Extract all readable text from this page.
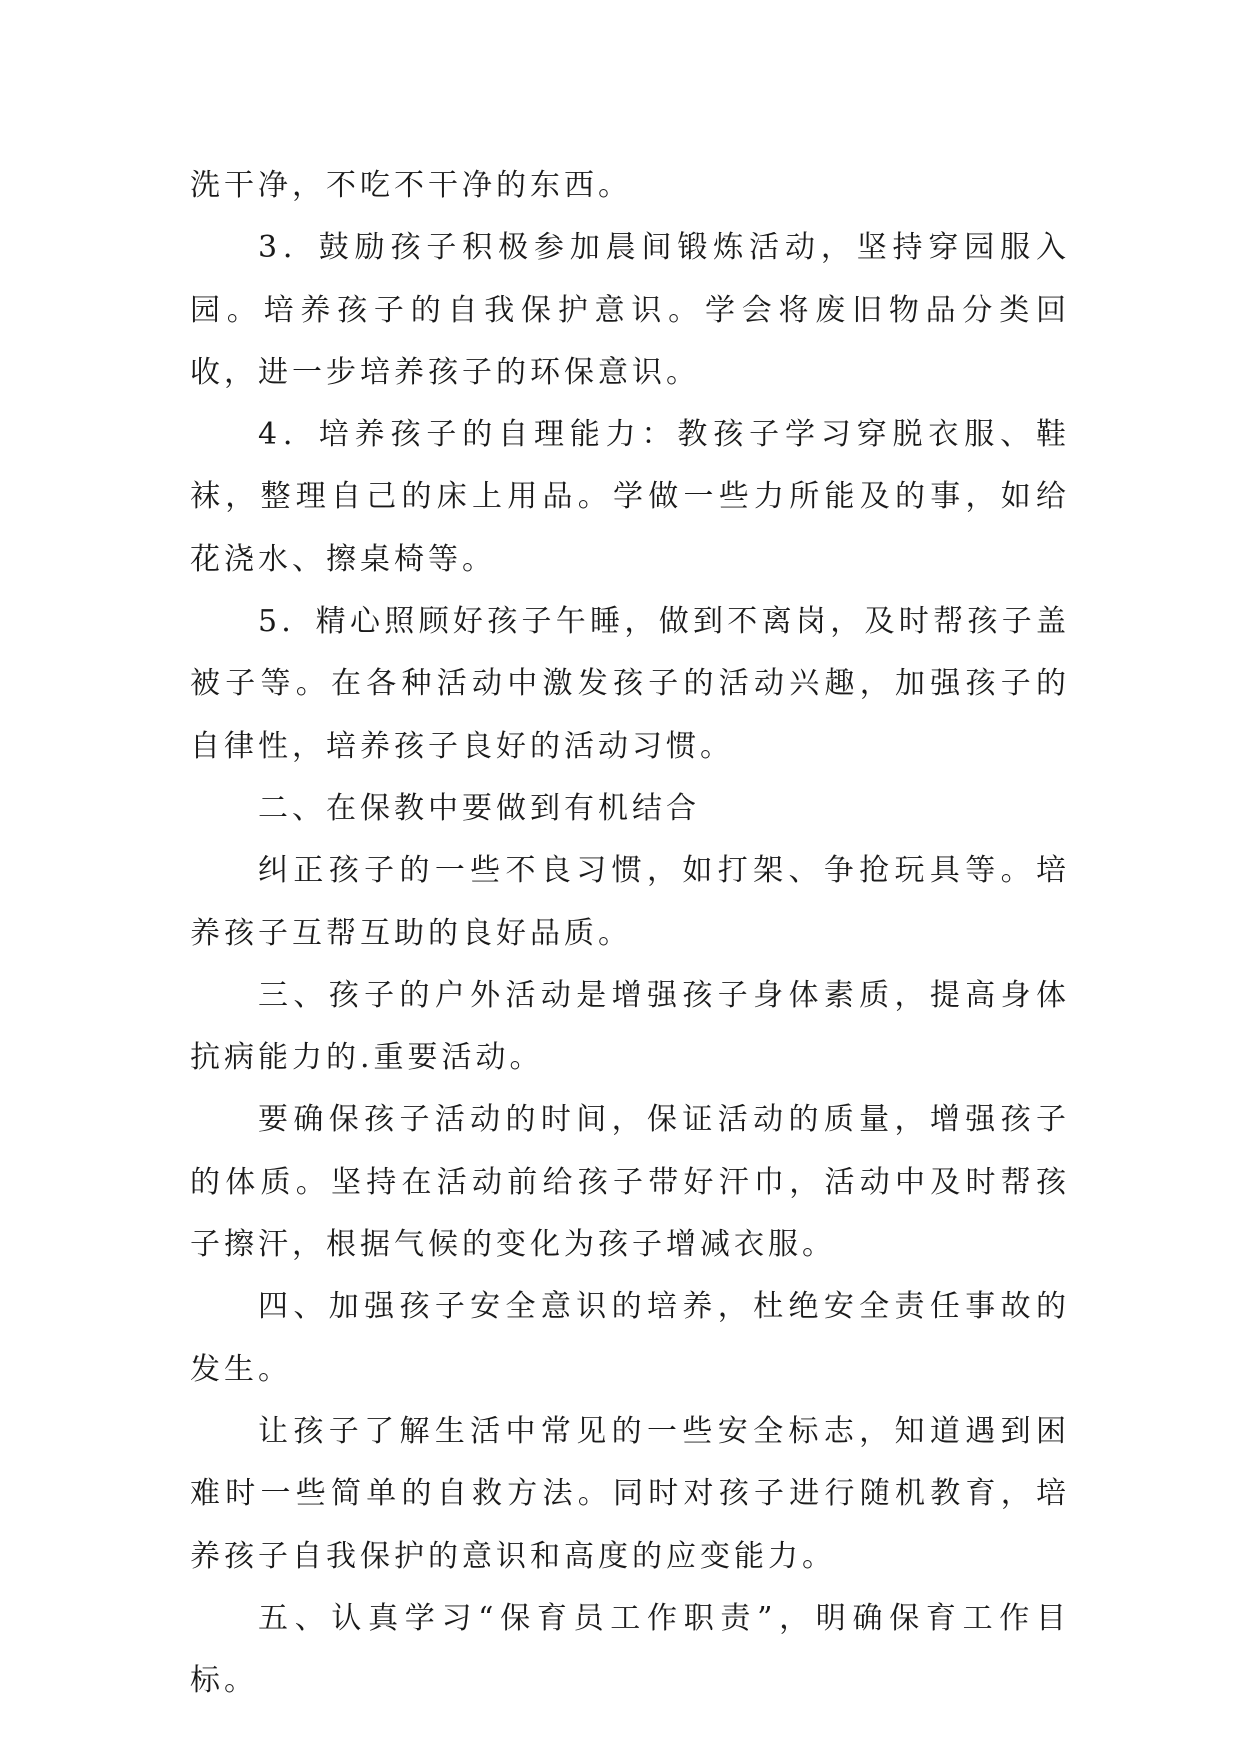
洗干净，不吃不干净的东西。

3．鼓励孩子积极参加晨间锻炼活动，坚持穿园服入园。培养孩子的自我保护意识。学会将废旧物品分类回收，进一步培养孩子的环保意识。

4．培养孩子的自理能力：教孩子学习穿脱衣服、鞋袜，整理自己的床上用品。学做一些力所能及的事，如给花浇水、擦桌椅等。

5．精心照顾好孩子午睡，做到不离岗，及时帮孩子盖被子等。在各种活动中激发孩子的活动兴趣，加强孩子的自律性，培养孩子良好的活动习惯。

二、在保教中要做到有机结合

纠正孩子的一些不良习惯，如打架、争抢玩具等。培养孩子互帮互助的良好品质。

三、孩子的户外活动是增强孩子身体素质，提高身体抗病能力的.重要活动。

要确保孩子活动的时间，保证活动的质量，增强孩子的体质。坚持在活动前给孩子带好汗巾，活动中及时帮孩子擦汗，根据气候的变化为孩子增减衣服。

四、加强孩子安全意识的培养，杜绝安全责任事故的发生。

让孩子了解生活中常见的一些安全标志，知道遇到困难时一些简单的自救方法。同时对孩子进行随机教育，培养孩子自我保护的意识和高度的应变能力。

五、认真学习“保育员工作职责”，明确保育工作目标。
